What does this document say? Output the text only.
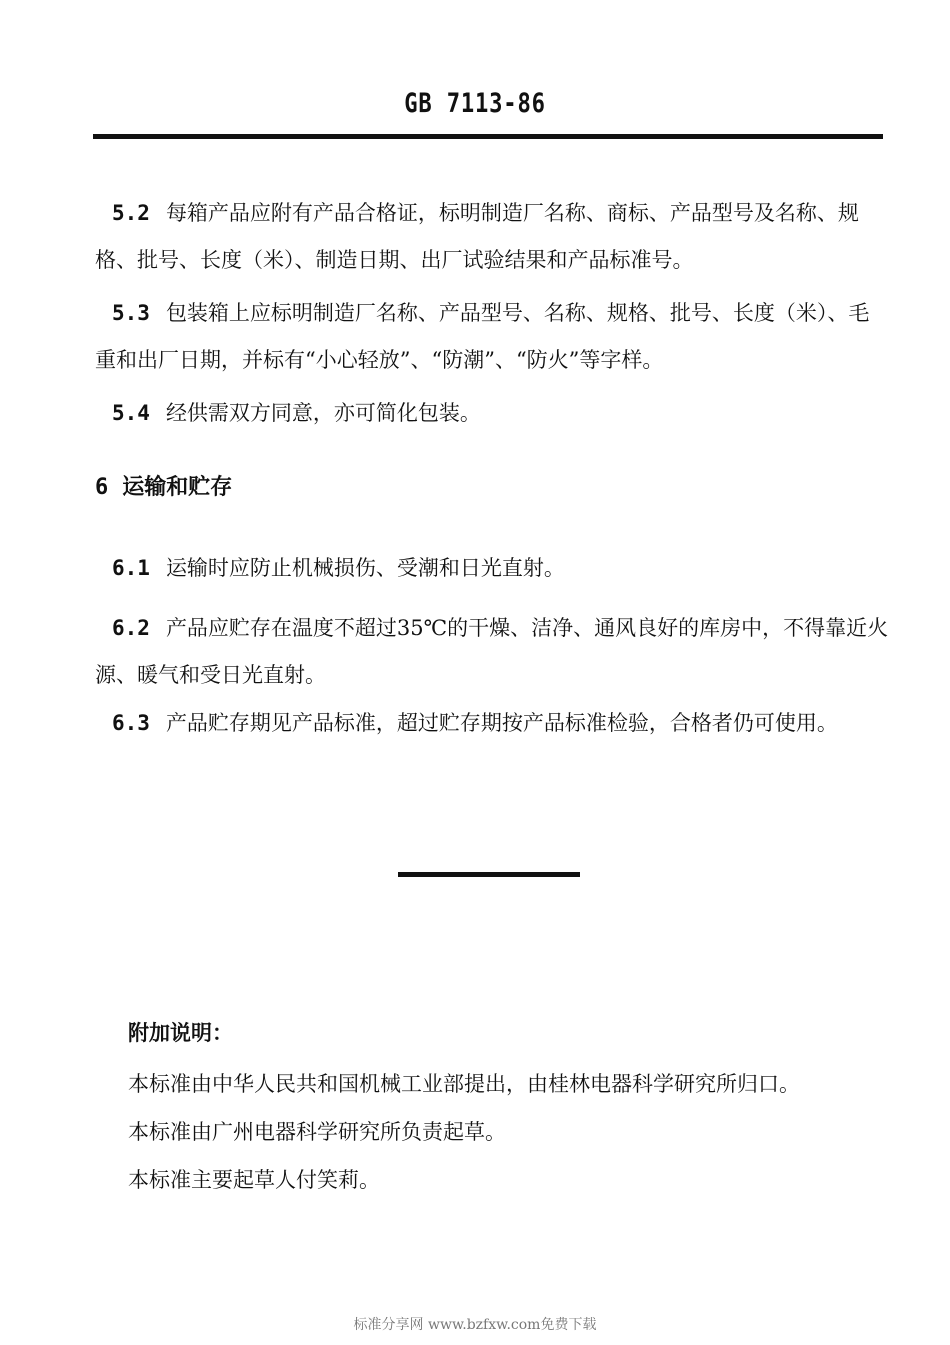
GB 7113-86
5.2 每箱产品应附有产品合格证，标明制造厂名称、商标、产品型号及名称、规格、批号、长度（米）、制造日期、出厂试验结果和产品标准号。
5.3 包装箱上应标明制造厂名称、产品型号、名称、规格、批号、长度（米）、毛重和出厂日期，并标有“小心轻放”、“防潮”、“防火”等字样。
5.4 经供需双方同意，亦可简化包装。
6 运输和贮存
6.1 运输时应防止机械损伤、受潮和日光直射。
6.2 产品应贮存在温度不超过35℃的干燥、洁净、通风良好的库房中，不得靠近火源、暖气和受日光直射。
6.3 产品贮存期见产品标准，超过贮存期按产品标准检验，合格者仍可使用。
附加说明：
本标准由中华人民共和国机械工业部提出，由桂林电器科学研究所归口。
本标准由广州电器科学研究所负责起草。
本标准主要起草人付笑莉。
标准分享网 www.bzfxw.com免费下载
